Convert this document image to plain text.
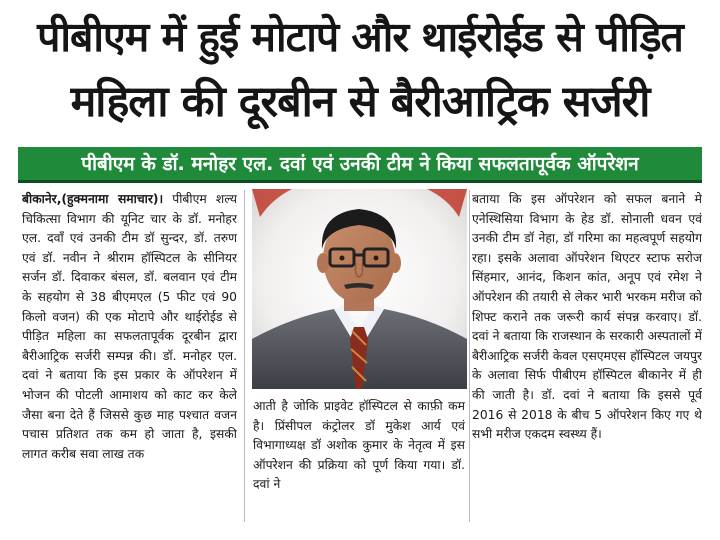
पीबीएम में हुई मोटापे और थाईरोईड से पीड़ित
महिला की दूरबीन से बैरीआट्रिक सर्जरी
पीबीएम के डॉ. मनोहर एल. दवां एवं उनकी टीम ने किया सफलतापूर्वक ऑपरेशन

बीकानेर,(हुक्मनामा समाचार)। पीबीएम शल्य चिकित्सा विभाग की यूनिट चार के डॉ. मनोहर एल. दवाँ एवं उनकी टीम डॉ सुन्दर, डॉ. तरुण एवं डॉ. नवीन ने श्रीराम हॉस्पिटल के सीनियर सर्जन डॉ. दिवाकर बंसल, डॉ. बलवान एवं टीम के सहयोग से 38 बीएमएल (5 फीट एवं 90 किलो वजन) की एक मोटापे और थाईरोईड से पीड़ित महिला का सफलतापूर्वक दूरबीन द्वारा बैरीआट्रिक सर्जरी सम्पन्न की। डॉ. मनोहर एल. दवां ने बताया कि इस प्रकार के ऑपरेशन में भोजन की पोटली आमाशय को काट कर केले जैसा बना देते हैं जिससे कुछ माह पश्चात वजन पचास प्रतिशत तक कम हो जाता है, इसकी लागत करीब सवा लाख तक

आती है जोकि प्राइवेट हॉस्पिटल से काफ़ी कम है। प्रिंसीपल कंट्रोलर डॉ मुकेश आर्य एवं विभागाध्यक्ष डॉ अशोक कुमार के नेतृत्व में इस ऑपरेशन की प्रक्रिया को पूर्ण किया गया। डॉ. दवां ने

बताया कि इस ऑपरेशन को सफल बनाने मे एनेस्थिसिया विभाग के हेड डॉ. सोनाली धवन एवं उनकी टीम डॉ नेहा, डॉ गरिमा का महत्वपूर्ण सहयोग रहा। इसके अलावा ऑपरेशन थिएटर स्टाफ सरोज सिंहमार, आनंद, किशन कांत, अनूप एवं रमेश ने ऑपरेशन की तयारी से लेकर भारी भरकम मरीज को शिफ्ट कराने तक जरूरी कार्य संपन्न करवाए। डॉ. दवां ने बताया कि राजस्थान के सरकारी अस्पतालों में बैरीआट्रिक सर्जरी केवल एसएमएस हॉस्पिटल जयपुर के अलावा सिर्फ पीबीएम हॉस्पिटल बीकानेर में ही की जाती है। डॉ. दवां ने बताया कि इससे पूर्व 2016 से 2018 के बीच 5 ऑपरेशन किए गए थे सभी मरीज एकदम स्वस्थ्य हैं।
